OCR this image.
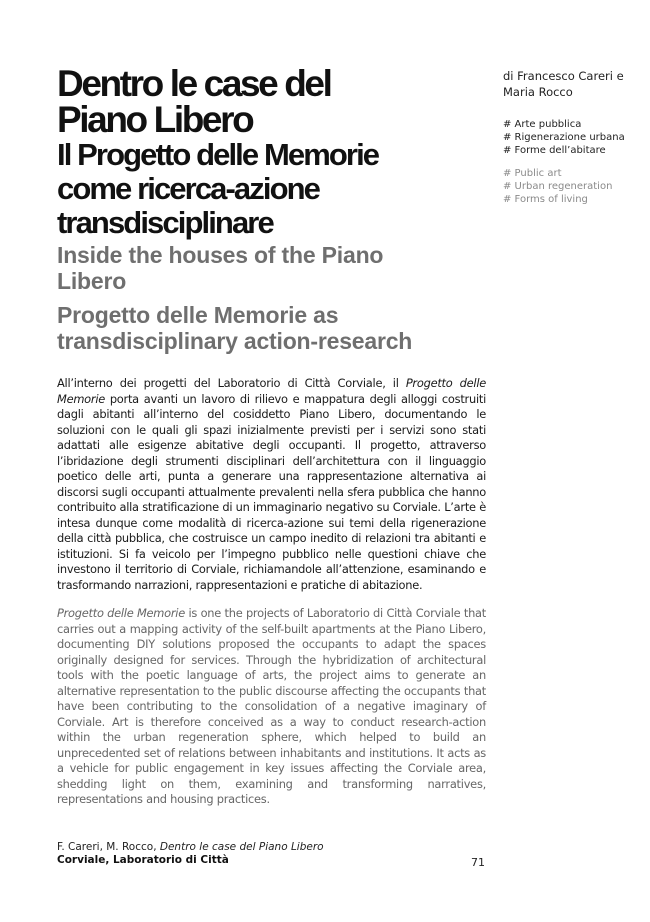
Dentro le case del

Piano Libero

Il Progetto delle Memorie

come ricerca-azione

transdisciplinare

Inside the houses of the Piano

Libero

Progetto delle Memorie as

transdisciplinary action-research

di Francesco Careri e
Maria Rocco
# Arte pubblica
# Rigenerazione urbana
# Forme dell’abitare
# Public art
# Urban regeneration
# Forms of living

All’interno dei progetti del Laboratorio di Città Corviale, il Progetto delle Memorie porta avanti un lavoro di rilievo e mappatura degli alloggi costruiti dagli abitanti all’interno del cosiddetto Piano Libero, documentando le soluzioni con le quali gli spazi inizialmente previsti per i servizi sono stati adattati alle esigenze abitative degli occupanti. Il progetto, attraverso l’ibridazione degli strumenti disciplinari dell’architettura con il linguaggio poetico delle arti, punta a generare una rappresentazione alternativa ai discorsi sugli occupanti attualmente prevalenti nella sfera pubblica che hanno contribuito alla stratificazione di un immaginario negativo su Corviale. L’arte è intesa dunque come modalità di ricerca-azione sui temi della rigenerazione della città pubblica, che costruisce un campo inedito di relazioni tra abitanti e istituzioni. Si fa veicolo per l’impegno pubblico nelle questioni chiave che investono il territorio di Corviale, richiamandole all’attenzione, esaminando e trasformando narrazioni, rappresentazioni e pratiche di abitazione.

Progetto delle Memorie is one the projects of Laboratorio di Città Corviale that carries out a mapping activity of the self-built apartments at the Piano Libero, documenting DIY solutions proposed the occupants to adapt the spaces originally designed for services. Through the hybridization of architectural tools with the poetic language of arts, the project aims to generate an alternative representation to the public discourse affecting the occupants that have been contributing to the consolidation of a negative imaginary of Corviale. Art is therefore conceived as a way to conduct research-action within the urban regeneration sphere, which helped to build an unprecedented set of relations between inhabitants and institutions. It acts as a vehicle for public engagement in key issues affecting the Corviale area, shedding light on them, examining and transforming narratives, representations and housing practices.

F. Careri, M. Rocco, Dentro le case del Piano Libero
Corviale, Laboratorio di Città	71
